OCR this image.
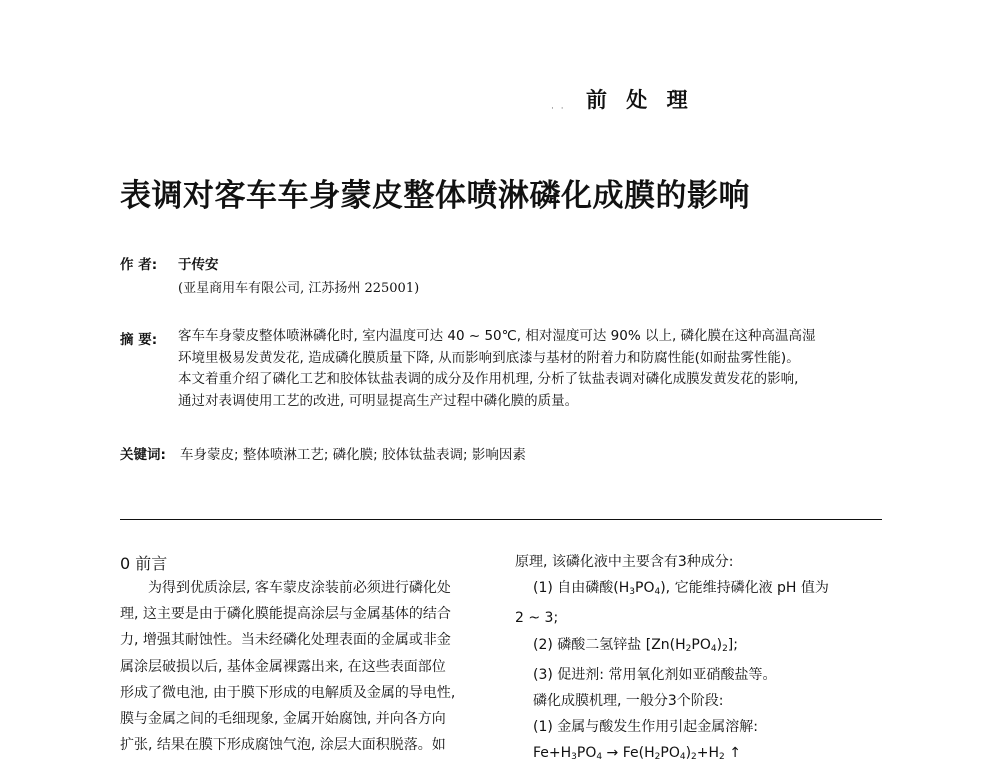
前 处 理
· ·
表调对客车车身蒙皮整体喷淋磷化成膜的影响
作 者: 于传安
(亚星商用车有限公司, 江苏扬州 225001)
摘 要: 客车车身蒙皮整体喷淋磷化时, 室内温度可达 40 ~ 50℃, 相对湿度可达 90% 以上, 磷化膜在这种高温高湿
环境里极易发黄发花, 造成磷化膜质量下降, 从而影响到底漆与基材的附着力和防腐性能(如耐盐雾性能)。
本文着重介绍了磷化工艺和胶体钛盐表调的成分及作用机理, 分析了钛盐表调对磷化成膜发黄发花的影响,
通过对表调使用工艺的改进, 可明显提高生产过程中磷化膜的质量。
关键词: 车身蒙皮; 整体喷淋工艺; 磷化膜; 胶体钛盐表调; 影响因素
0 前言
为得到优质涂层, 客车蒙皮涂装前必须进行磷化处
理, 这主要是由于磷化膜能提高涂层与金属基体的结合
力, 增强其耐蚀性。当未经磷化处理表面的金属或非金
属涂层破损以后, 基体金属裸露出来, 在这些表面部位
形成了微电池, 由于膜下形成的电解质及金属的导电性,
膜与金属之间的毛细现象, 金属开始腐蚀, 并向各方向
扩张, 结果在膜下形成腐蚀气泡, 涂层大面积脱落。如
原理, 该磷化液中主要含有3种成分:
(1) 自由磷酸$(H_3PO_4)$, 它能维持磷化液 pH 值为
2 ~ 3;
(2) 磷酸二氢锌盐 $[Zn(H_2PO_4)_2]$;
(3) 促进剂: 常用氧化剂如亚硝酸盐等。
磷化成膜机理, 一般分3个阶段:
(1) 金属与酸发生作用引起金属溶解:
$Fe+H_3PO_4 \to Fe(H_2PO_4)_2+H_2$ ↑
